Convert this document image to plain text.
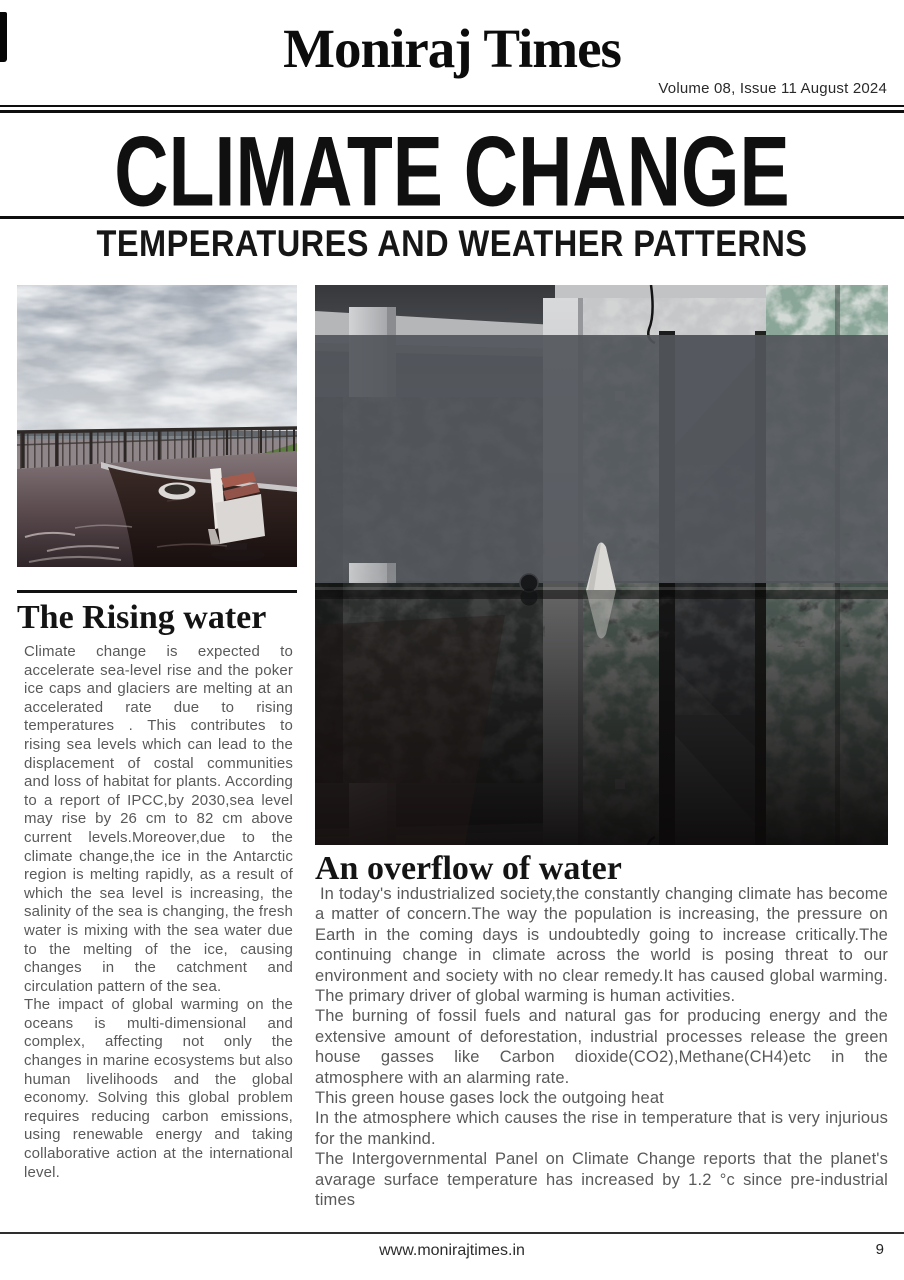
Moniraj Times
Volume 08, Issue 11 August 2024
CLIMATE CHANGE
TEMPERATURES AND WEATHER PATTERNS
The Rising water

Climate change is expected to accelerate sea-level rise and the poker ice caps and glaciers are melting at an accelerated rate due to rising temperatures . This contributes to rising sea levels which can lead to the displacement of costal communities and loss of habitat for plants. According to a report of IPCC,by 2030,sea level may rise by 26 cm to 82 cm above current levels.Moreover,due to the climate change,the ice in the Antarctic region is melting rapidly, as a result of which the sea level is increasing, the salinity of the sea is changing, the fresh water is mixing with the sea water due to the melting of the ice, causing changes in the catchment and circulation pattern of the sea.

The impact of global warming on the oceans is multi-dimensional and complex, affecting not only the changes in marine ecosystems but also human livelihoods and the global economy. Solving this global problem requires reducing carbon emissions, using renewable energy and taking collaborative action at the international level.

An overflow of water

In today's industrialized society,the constantly changing climate has become a matter of concern.The way the population is increasing, the pressure on Earth in the coming days is undoubtedly going to increase critically.The continuing change in climate across the world is posing threat to our environment and society with no clear remedy.It has caused global warming. The primary driver of global warming is human activities.

The burning of fossil fuels and natural gas for producing energy and the extensive amount of deforestation, industrial processes release the green house gasses like Carbon dioxide(CO2),Methane(CH4)etc in the atmosphere with an alarming rate.

This green house gases lock the outgoing heat

In the atmosphere which causes the rise in temperature that is very injurious for the mankind.

The Intergovernmental Panel on Climate Change reports that the planet's avarage surface temperature has increased by 1.2 °c since pre-industrial times

www.monirajtimes.in	9
